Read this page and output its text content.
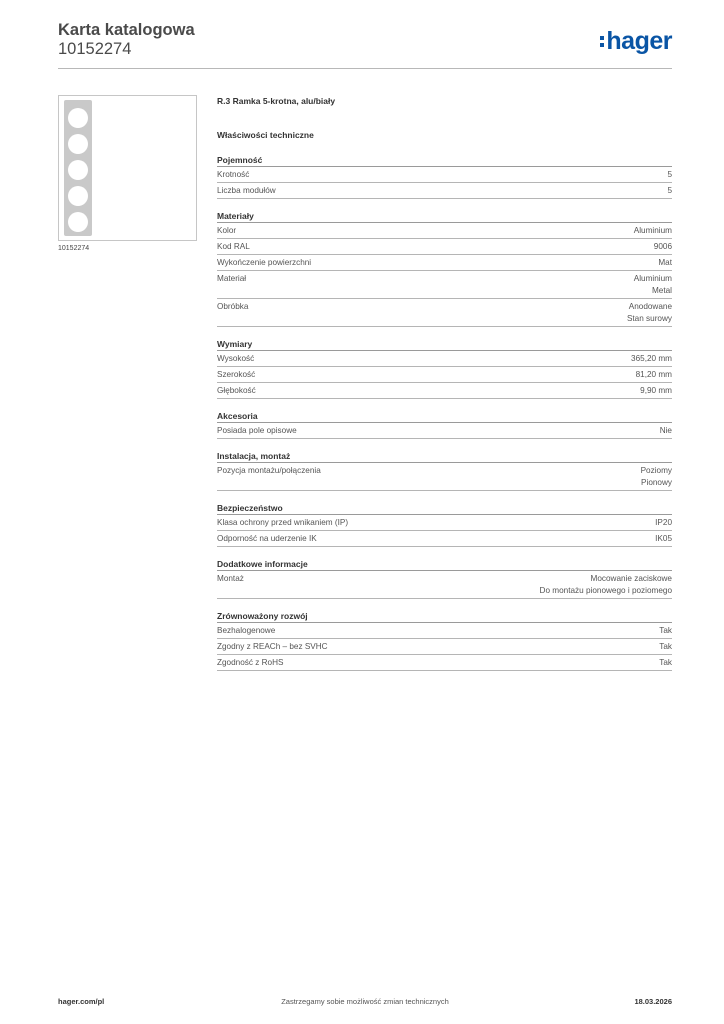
Karta katalogowa
10152274	hager
10152274
R.3 Ramka 5-krotna, alu/biały
Właściwości techniczne
Pojemność
Krotność	5
Liczba modułów	5
Materiały
Kolor	Aluminium
Kod RAL	9006
Wykończenie powierzchni	Mat
Materiał	Aluminium
Metal
Obróbka	Anodowane
Stan surowy
Wymiary
Wysokość	365,20 mm
Szerokość	81,20 mm
Głębokość	9,90 mm
Akcesoria
Posiada pole opisowe	Nie
Instalacja, montaż
Pozycja montażu/połączenia	Poziomy
Pionowy
Bezpieczeństwo
Klasa ochrony przed wnikaniem (IP)	IP20
Odporność na uderzenie IK	IK05
Dodatkowe informacje
Montaż	Mocowanie zaciskowe
Do montażu pionowego i poziomego
Zrównoważony rozwój
Bezhalogenowe	Tak
Zgodny z REACh – bez SVHC	Tak
Zgodność z RoHS	Tak
Zastrzegamy sobie możliwość zmian technicznych
hager.com/pl	18.03.2026
